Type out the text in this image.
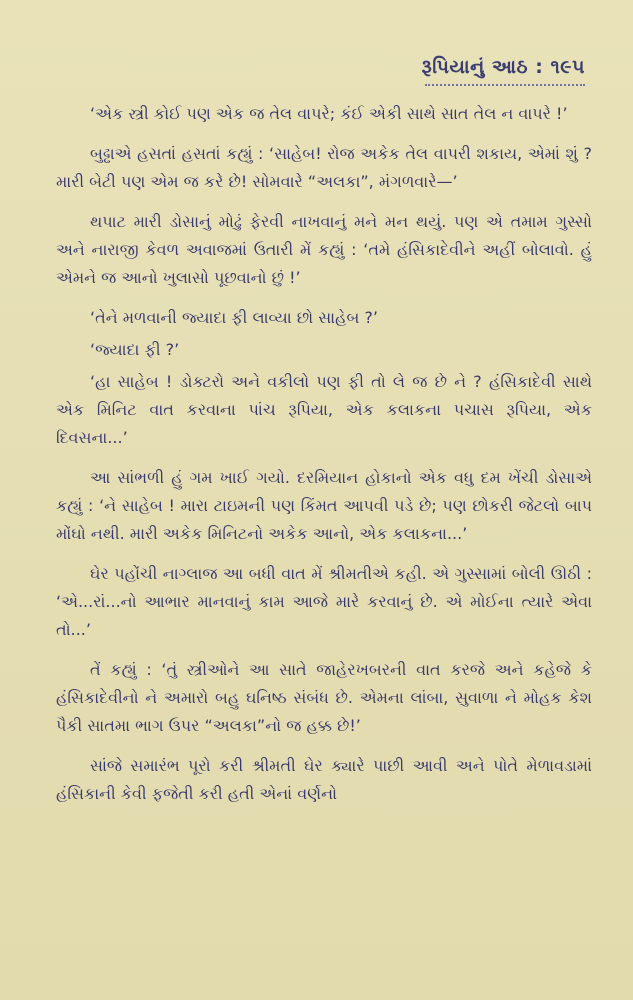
રૂપિયાનું આઠ : ૧૯૫

‘એક સ્ત્રી કોઈ પણ એક જ તેલ વાપરે; કંઈ એકી સાથે સાત તેલ ન વાપરે !’

બુઢ્ઢાએ હસતાં હસતાં કહ્યું : ‘સાહેબ! રોજ અકેક તેલ વાપરી શકાય, એમાં શું ? મારી બેટી પણ એમ જ કરે છે! સોમવારે “અલકા”, મંગળવારે—’

થપાટ મારી ડોસાનું મોઢું ફેરવી નાખવાનું મને મન થયું. પણ એ તમામ ગુસ્સો અને નારાજી કેવળ અવાજમાં ઉતારી મેં કહ્યું : ‘તમે હંસિકાદેવીને અહીં બોલાવો. હું એમને જ આનો ખુલાસો પૂછવાનો છું !’

‘તેને મળવાની જ્યાદા ફી લાવ્યા છો સાહેબ ?’

‘જ્યાદા ફી ?’

‘હા સાહેબ ! ડોક્ટરો અને વકીલો પણ ફી તો લે જ છે ને ? હંસિકાદેવી સાથે એક મિનિટ વાત કરવાના પાંચ રૂપિયા, એક કલાકના પચાસ રૂપિયા, એક દિવસના...’

આ સાંભળી હું ગમ ખાઈ ગયો. દરમિયાન હોકાનો એક વધુ દમ ખેંચી ડોસાએ કહ્યું : ‘ને સાહેબ ! મારા ટાઇમની પણ કિંમત આપવી પડે છે; પણ છોકરી જેટલો બાપ મોંઘો નથી. મારી અકેક મિનિટનો અકેક આનો, એક કલાકના...’

ઘેર પહોંચી નાગ્લાજ આ બધી વાત મેં શ્રીમતીએ કહી. એ ગુસ્સામાં બોલી ઊઠી : ‘એ...રાં...નો આભાર માનવાનું કામ આજે મારે કરવાનું છે. એ મોઈના ત્યારે એવા તો...’

તેં કહ્યું : ‘તું સ્ત્રીઓને આ સાતે જાહેરખબરની વાત કરજે અને કહેજે કે હંસિકાદેવીનો ને અમારો બહુ ઘનિષ્ઠ સંબંધ છે. એમના લાંબા, સુવાળા ને મોહક કેશ પૈકી સાતમા ભાગ ઉપર “અલકા”નો જ હક્ક છે!’

સાંજે સમારંભ પૂરો કરી શ્રીમતી ઘેર ક્યારે પાછી આવી અને પોતે મેળાવડામાં હંસિકાની કેવી ફજેતી કરી હતી એનાં વર્ણનો
